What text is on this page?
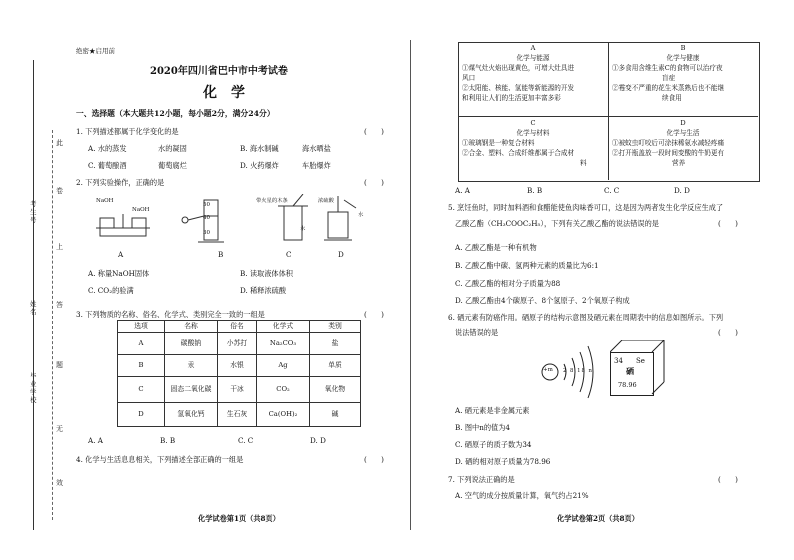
此
卷
上
答
题
无
效
考生号
姓名
毕业学校
绝密★启用前
2020年四川省巴中市中考试卷
化　学
一、选择题（本大题共12小题，每小题2分，满分24分）
1. 下列描述都属于化学变化的是	(　　)
A. 水的蒸发	水的凝固	B. 海水制碱	海水晒盐
C. 葡萄酿酒	葡萄腐烂	D. 火药爆炸	车胎爆炸
2. 下列实验操作，正确的是	(　　)
NaOH
NaOH
50
40
30
带火星的木条	浓硫酸
水
水
A	B	C	D
A. 称量NaOH固体	B. 读取液体体积
C. CO₂的验满	D. 稀释浓硫酸
3. 下列物质的名称、俗名、化学式、类别完全一致的一组是	(　　)
选项	名称	俗名	化学式	类别
A	碳酸钠	小苏打	Na₂CO₃	盐
B	汞	水银	Ag	单质
C	固态二氧化碳	干冰	CO₂	氧化物
D	氢氧化钙	生石灰	Ca(OH)₂	碱
A. A	B. B	C. C	D. D
4. 化学与生活息息相关，下列描述全部正确的一组是	(　　)
化学试卷第1页（共8页）
A
化学与能源
①煤气灶火焰出现黄色，可增大灶具进
风口
②太阳能、核能、氢能等新能源的开发
和利用让人们的生活更加丰富多彩
B
化学与健康
①多食用含维生素C的食物可以治疗夜
盲症
②霉变不严重的花生米蒸熟后也不能继
续食用
C
化学与材料
①玻璃钢是一种复合材料
②合金、塑料、合成纤维都属于合成材
料
D
化学与生活
①被蚊虫叮咬后可涂抹稀氨水减轻疼痛
②打开瓶盖放一段时间变酸的牛奶更有
营养
A. A	B. B	C. C	D. D
5. 烹饪鱼时，同时加料酒和食醋能使鱼肉味香可口，这是因为两者发生化学反应生成了
乙酸乙酯（CH₃COOC₂H₅），下列有关乙酸乙酯的说法错误的是	(　　)
A. 乙酸乙酯是一种有机物
B. 乙酸乙酯中碳、氢两种元素的质量比为6:1
C. 乙酸乙酯的相对分子质量为88
D. 乙酸乙酯由4个碳原子、8个氢原子、2个氧原子构成
6. 硒元素有防癌作用。硒原子的结构示意图及硒元素在周期表中的信息如图所示。下列
说法错误的是	(　　)
+m 2 8 18 n
34 Se
硒
78.96
A. 硒元素是非金属元素
B. 图中n的值为4
C. 硒原子的质子数为34
D. 硒的相对原子质量为78.96
7. 下列说法正确的是	(　　)
A. 空气的成分按质量计算，氧气约占21%
化学试卷第2页（共8页）
